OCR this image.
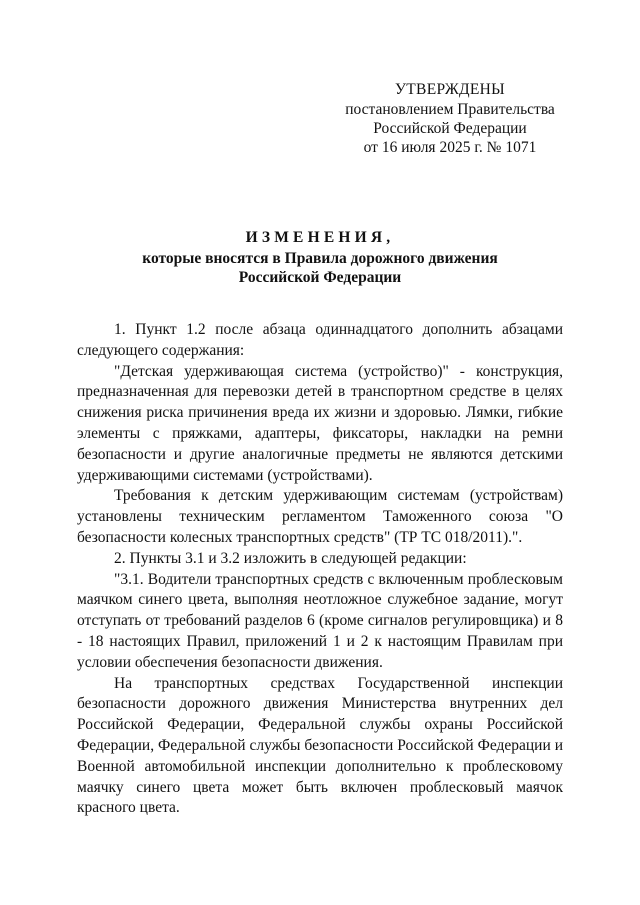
УТВЕРЖДЕНЫ
постановлением Правительства
Российской Федерации
от 16 июля 2025 г. № 1071
ИЗМЕНЕНИЯ,
которые вносятся в Правила дорожного движения
Российской Федерации

1. Пункт 1.2 после абзаца одиннадцатого дополнить абзацами следующего содержания:

"Детская удерживающая система (устройство)" - конструкция, предназначенная для перевозки детей в транспортном средстве в целях снижения риска причинения вреда их жизни и здоровью. Лямки, гибкие элементы с пряжками, адаптеры, фиксаторы, накладки на ремни безопасности и другие аналогичные предметы не являются детскими удерживающими системами (устройствами).

Требования к детским удерживающим системам (устройствам) установлены техническим регламентом Таможенного союза "О безопасности колесных транспортных средств" (ТР ТС 018/2011).".

2. Пункты 3.1 и 3.2 изложить в следующей редакции:

"3.1. Водители транспортных средств с включенным проблесковым маячком синего цвета, выполняя неотложное служебное задание, могут отступать от требований разделов 6 (кроме сигналов регулировщика) и 8 - 18 настоящих Правил, приложений 1 и 2 к настоящим Правилам при условии обеспечения безопасности движения.

На транспортных средствах Государственной инспекции безопасности дорожного движения Министерства внутренних дел Российской Федерации, Федеральной службы охраны Российской Федерации, Федеральной службы безопасности Российской Федерации и Военной автомобильной инспекции дополнительно к проблесковому маячку синего цвета может быть включен проблесковый маячок красного цвета.
